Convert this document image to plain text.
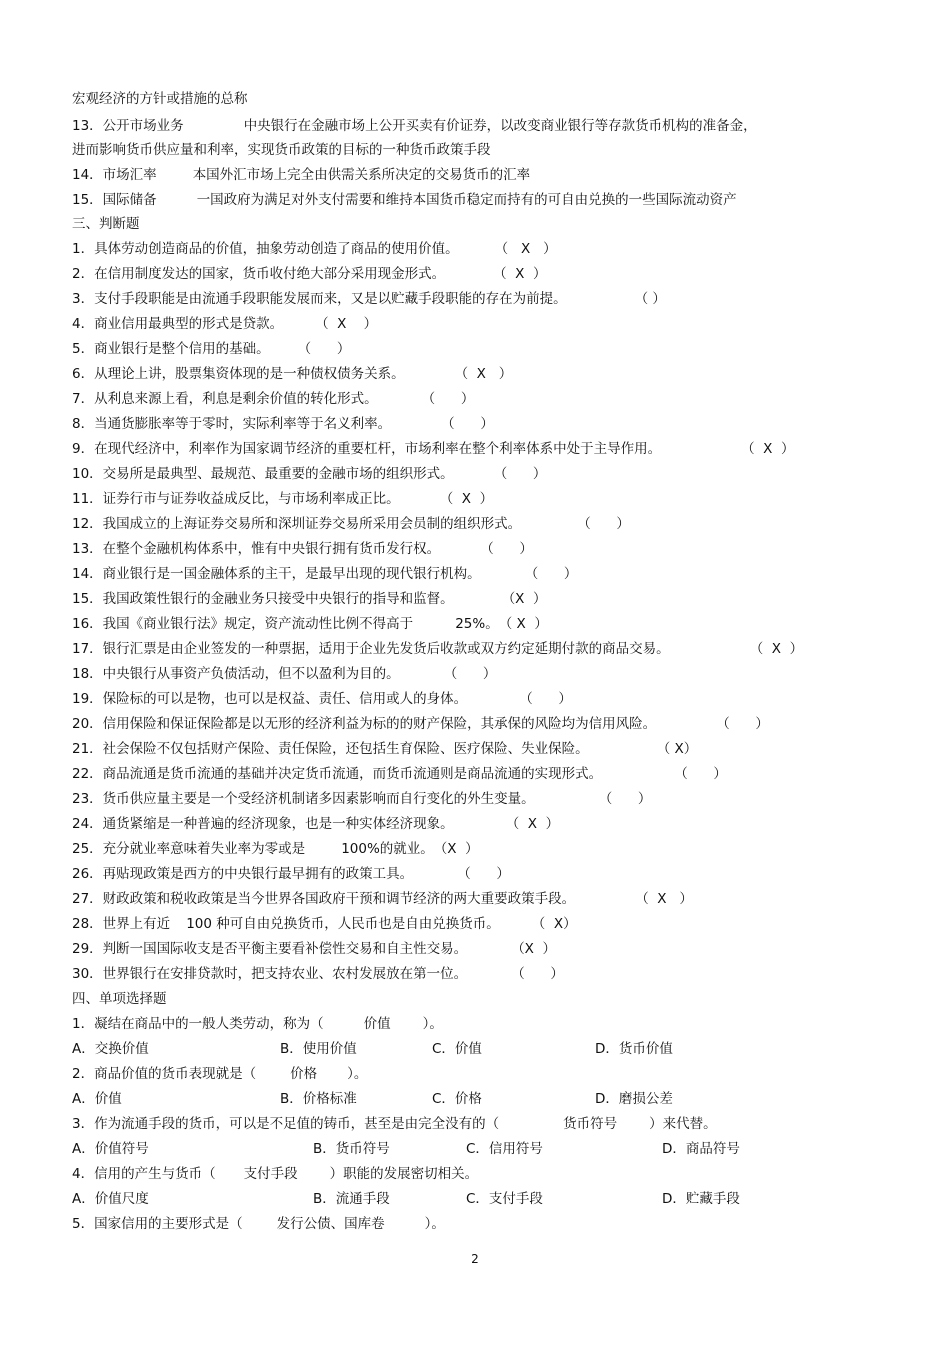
宏观经济的方针或措施的总称
13．公开市场业务	中央银行在金融市场上公开买卖有价证券，以改变商业银行等存款货币机构的准备金，
进而影响货币供应量和利率，实现货币政策的目标的一种货币政策手段
14．市场汇率	本国外汇市场上完全由供需关系所决定的交易货币的汇率
15．国际储备	一国政府为满足对外支付需要和维持本国货币稳定而持有的可自由兑换的一些国际流动资产
三、判断题
1．具体劳动创造商品的价值，抽象劳动创造了商品的使用价值。	（   X   ）
2．在信用制度发达的国家，货币收付绝大部分采用现金形式。	（  X  ）
3．支付手段职能是由流通手段职能发展而来，又是以贮藏手段职能的存在为前提。	（ ）
4．商业信用最典型的形式是贷款。 （  X    ）
5．商业银行是整个信用的基础。 （      ）
6．从理论上讲，股票集资体现的是一种债权债务关系。	（  X   ）
7．从利息来源上看，利息是剩余价值的转化形式。	（      ）
8．当通货膨胀率等于零时，实际利率等于名义利率。	（      ）
9．在现代经济中，利率作为国家调节经济的重要杠杆，市场利率在整个利率体系中处于主导作用。	（  X  ）
10．交易所是最典型、最规范、最重要的金融市场的组织形式。	（      ）
11．证券行市与证券收益成反比，与市场利率成正比。	（  X  ）
12．我国成立的上海证券交易所和深圳证券交易所采用会员制的组织形式。	（      ）
13．在整个金融机构体系中，惟有中央银行拥有货币发行权。	（      ）
14．商业银行是一国金融体系的主干，是最早出现的现代银行机构。	（      ）
15．我国政策性银行的金融业务只接受中央银行的指导和监督。	（X  ）
16．我国《商业银行法》规定，资产流动性比例不得高于	25%。（ X  ）
17．银行汇票是由企业签发的一种票据，适用于企业先发货后收款或双方约定延期付款的商品交易。	（  X  ）
18．中央银行从事资产负债活动，但不以盈利为目的。	（      ）
19．保险标的可以是物，也可以是权益、责任、信用或人的身体。	（      ）
20．信用保险和保证保险都是以无形的经济利益为标的的财产保险，其承保的风险均为信用风险。	（      ）
21．社会保险不仅包括财产保险、责任保险，还包括生育保险、医疗保险、失业保险。	（ X）
22．商品流通是货币流通的基础并决定货币流通，而货币流通则是商品流通的实现形式。	（      ）
23．货币供应量主要是一个受经济机制诸多因素影响而自行变化的外生变量。	（      ）
24．通货紧缩是一种普遍的经济现象，也是一种实体经济现象。	（  X  ）
25．充分就业率意味着失业率为零或是	100%的就业。（X  ）
26．再贴现政策是西方的中央银行最早拥有的政策工具。	（      ）
27．财政政策和税收政策是当今世界各国政府干预和调节经济的两大重要政策手段。	（  X   ）
28．世界上有近 100 种可自由兑换货币，人民币也是自由兑换货币。 （  X）
29．判断一国国际收支是否平衡主要看补偿性交易和自主性交易。	（X  ）
30．世界银行在安排贷款时，把支持农业、农村发展放在第一位。	（      ）
四、单项选择题
1．凝结在商品中的一般人类劳动，称为（	价值 ）。
A．交换价值	B．使用价值	C．价值	D．货币价值
2．商品价值的货币表现就是（	价格 ）。
A．价值	B．价格标准	C．价格	D．磨损公差
3．作为流通手段的货币，可以是不足值的铸币，甚至是由完全没有的（	货币符号 ）来代替。
A．价值符号	B．货币符号	C．信用符号	D．商品符号
4．信用的产生与货币（ 支付手段 ）职能的发展密切相关。
A．价值尺度	B．流通手段	C．支付手段	D．贮藏手段
5．国家信用的主要形式是（	发行公债、国库卷	）。
2
